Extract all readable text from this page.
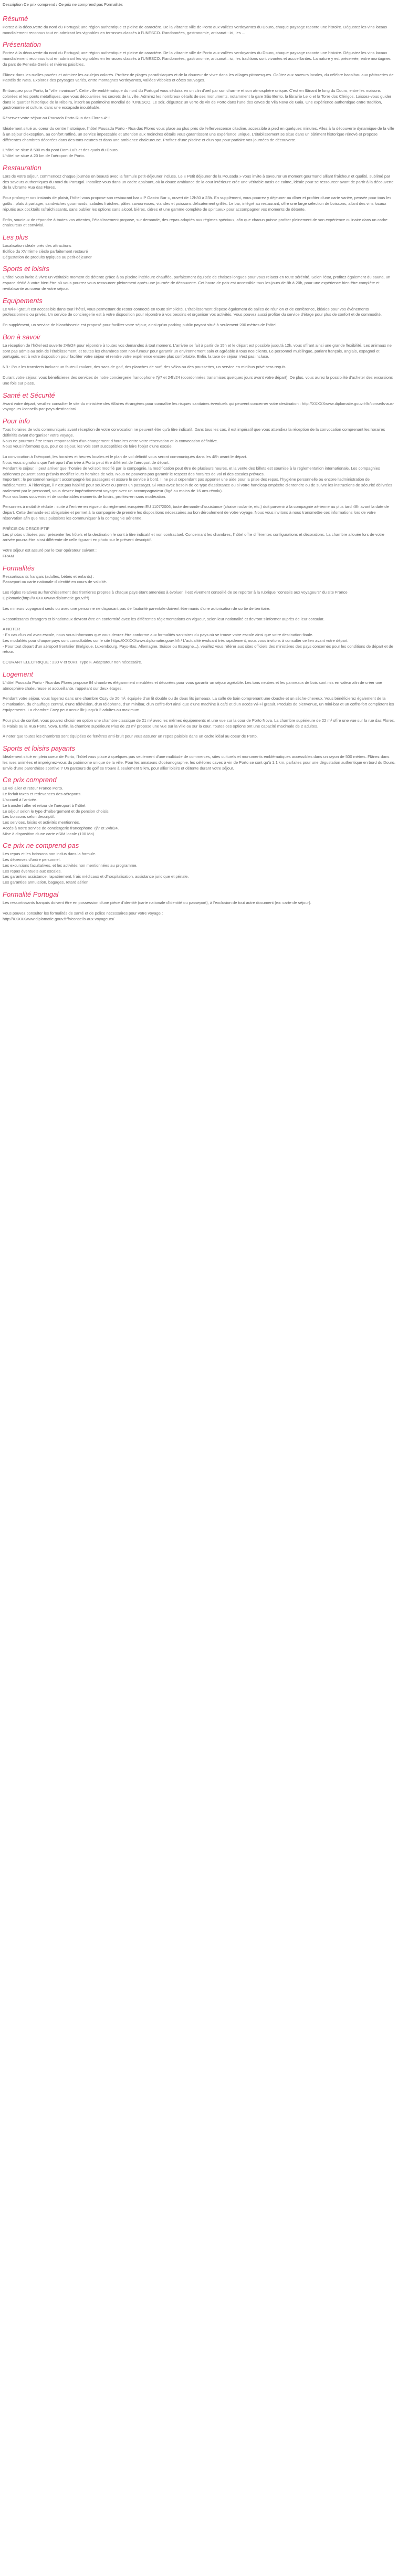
Description Ce prix comprend / Ce prix ne comprend pas Formalités
Résumé

Portez à la découverte du nord du Portugal; une région authentique et pleine de caractère. De la vibrante ville de Porto aux vallées verdoyantes du Douro, chaque paysage raconte une histoire. Dégustez les vins locaux mondialement reconnus tout en admirant les vignobles en terrasses classés à l'UNESCO. Randonnées, gastronomie, artisanat : ici, les ...

Présentation

Portez à la découverte du nord du Portugal; une région authentique et pleine de caractère. De la vibrante ville de Porto aux vallées verdoyantes du Douro, chaque paysage raconte une histoire. Dégustez les vins locaux mondialement reconnus tout en admirant les vignobles en terrasses classés à l'UNESCO. Randonnées, gastronomie, artisanat : ici, les traditions sont vivantes et accueillantes. La nature y est préservée, entre montagnes du parc de Peneda-Gerês et rivières paisibles.

Flânez dans les ruelles pavées et admirez les azulejos colorés. Profitez de plages paradisiaques et de la douceur de vivre dans les villages pittoresques. Goûtez aux saveurs locales, du célèbre bacalhau aux pâtisseries de Pastéis de Nata. Explorez des paysages variés, entre montagnes verdoyantes, vallées viticoles et côtes sauvages.

Embarquez pour Porto, la "ville invaincue". Cette ville emblématique du nord du Portugal vous séduira en un clin d'oeil par son charme et son atmosphère unique. C'est en flânant le long du Douro, entre les maisons colorées et les ponts métalliques, que vous découvrirez les secrets de la ville. Admirez les nombreux détails de ses monuments, notamment la gare São Bento, la librairie Lello et la Torre dos Clérigos. Laissez-vous guider dans le quartier historique de la Ribeira, inscrit au patrimoine mondial de l'UNESCO. Le soir, dégustez un verre de vin de Porto dans l'une des caves de Vila Nova de Gaia. Une expérience authentique entre tradition, gastronomie et culture, dans une escapade inoubliable.

Réservez votre séjour au Pousada Porto Rua das Flores 4* !

Idéalement situé au coeur du centre historique, l'hôtel Pousada Porto - Rua das Flores vous place au plus près de l'effervescence citadine, accessible à pied en quelques minutes. Allez à la découverte dynamique de la ville à un séjour d'exception, au confort raffiné, un service impeccable et attention aux moindres détails vous garantissent une expérience unique. L'établissement se situe dans un bâtiment historique rénové et propose différentes chambres décorées dans des tons neutres et dans une ambiance chaleureuse. Profitez d'une piscine et d'un spa pour parfaire vos journées de découverte.

L'hôtel se situe à 500 m du pont Dom-Luís et des quais du Douro.
L'hôtel se situe à 20 km de l'aéroport de Porto.

Restauration

Lors de votre séjour, commencez chaque journée en beauté avec la formule petit-déjeuner incluse. Le « Petit déjeuner de la Pousada » vous invite à savourer un moment gourmand alliant fraîcheur et qualité, sublimé par des saveurs authentiques du nord du Portugal. Installez-vous dans un cadre apaisant, où la douce ambiance de la cour intérieure crée une véritable oasis de calme, idéale pour se ressourcer avant de partir à la découverte de la vibrante Rua das Flores.

Pour prolonger vos instants de plaisir, l'hôtel vous propose son restaurant bar « P Gastro Bar », ouvert de 12h30 à 23h. En supplément, vous pourrez y déjeuner ou dîner et profiter d'une carte variée, pensée pour tous les goûts : plats à partager, sandwiches gourmands, salades fraîches, pâtes savoureuses, viandes et poissons délicatement grillés. Le bar, intégré au restaurant, offre une large sélection de boissons, allant des vins locaux réputés aux cocktails rafraîchissants, sans oublier les options sans alcool, bières, cidres et une gamme complète de spiritueux pour accompagner vos moments de détente.

Enfin, soucieux de répondre à toutes vos attentes, l'établissement propose, sur demande, des repas adaptés aux régimes spéciaux, afin que chacun puisse profiter pleinement de son expérience culinaire dans un cadre chaleureux et convivial.

Les plus
Localisation idéale près des attractions
Édifice du XVIIIème siècle parfaitement restauré
Dégustation de produits typiques au petit-déjeuner
Sports et loisirs

L'hôtel vous invite à vivre un véritable moment de détente grâce à sa piscine intérieure chauffée, parfaitement équipée de chaises longues pour vous relaxer en toute sérénité. Selon l'état, profitez également du sauna, un espace dédié à votre bien-être où vous pourrez vous ressourcer pleinement après une journée de découverte. Cet havre de paix est accessible tous les jours de 8h à 20h, pour une expérience bien-être complète et revitalisante au coeur de votre séjour.

Equipements

Le Wi-Fi gratuit est accessible dans tout l'hôtel, vous permettant de rester connecté en toute simplicité. L'établissement dispose également de salles de réunion et de conférence, idéales pour vos événements professionnels ou privés. Un service de conciergerie est à votre disposition pour répondre à vos besoins et organiser vos activités. Vous pouvez aussi profiter du service d'étage pour plus de confort et de commodité.

En supplément, un service de blanchisserie est proposé pour faciliter votre séjour, ainsi qu'un parking public payant situé à seulement 200 mètres de l'hôtel.

Bon à savoir

La réception de l'hôtel est ouverte 24h/24 pour répondre à toutes vos demandes à tout moment. L'arrivée se fait à partir de 15h et le départ est possible jusqu'à 12h, vous offrant ainsi une grande flexibilité. Les animaux ne sont pas admis au sein de l'établissement, et toutes les chambres sont non-fumeur pour garantir un environnement sain et agréable à tous nos clients. Le personnel multilingue, parlant français, anglais, espagnol et portugais, est à votre disposition pour faciliter votre séjour et rendre votre expérience encore plus confortable. Enfin, la taxe de séjour n'est pas incluse.

NB : Pour les transferts incluant un fauteuil roulant, des sacs de golf, des planches de surf, des vélos ou des poussettes, un service en minibus privé sera requis.

Durant votre séjour, vous bénéficierez des services de notre conciergerie francophone 7j/7 et 24h/24 (coordonnées transmises quelques jours avant votre départ). De plus, vous aurez la possibilité d'acheter des excursions une fois sur place.

Santé et Sécurité

Avant votre départ, veuillez consulter le site du ministère des Affaires étrangères pour connaître les risques sanitaires éventuels qui peuvent concerner votre destination : http://XXXXXwww.diplomatie.gouv.fr/fr/conseils-aux-voyageurs /conseils-par-pays-destination/

Pour info

Tous horaires de vols communiqués avant réception de votre convocation ne peuvent être qu'à titre indicatif. Dans tous les cas, il est impératif que vous attendiez la réception de la convocation comprenant les horaires définitifs avant d'organiser votre voyage.
Nous ne pourrons être tenus responsables d'un changement d'horaires entre votre réservation et la convocation définitive.
Nous vous informons que, pour ce séjour, les vols sont susceptibles de faire l'objet d'une escale.

La convocation à l'aéroport, les horaires et heures locales et le plan de vol définitif vous seront communiqués dans les 48h avant le départ.
Nous vous signalons que l'aéroport d'arrivée à Porto peut être différent de l'aéroport de départ.
Pendant le séjour, il peut arriver que l'horaire de vol soit modifié par la compagnie, la modification peut être de plusieurs heures, et la vente des billets est soumise à la réglementation internationale. Les compagnies aériennes peuvent sans préavis modifier leurs horaires de vols. Nous ne pouvons pas garantir le respect des horaires de vol ni des escales prévues.
Important : le personnel navigant accompagné les passagers et assure le service à bord. Il ne peut cependant pas apporter une aide pour la prise des repas, l'hygiène personnelle ou encore l'administration de médicaments. À l'identique, il n'est pas habilité pour soulever ou porter un passager. Si vous avez besoin de ce type d'assistance ou si votre handicap empêche d'entendre ou de suivre les instructions de sécurité délivrées oralement par le personnel, vous devrez impérativement voyager avec un accompagnateur (âgé au moins de 16 ans révolu).
Pour vos bons souvenirs et de confortables moments de loisirs, profitez-en sans modération.

Personnes à mobilité réduite : suite à l'entrée en vigueur du règlement européen EU 1107/2006, toute demande d'assistance (chaise roulante, etc.) doit parvenir à la compagnie aérienne au plus tard 48h avant la date de départ. Cette demande est obligatoire et permet à la compagnie de prendre les dispositions nécessaires au bon déroulement de votre voyage. Nous vous invitons à nous transmettre ces informations lors de votre réservation afin que nous puissions les communiquer à la compagnie aérienne.

PRÉCISION DESCRIPTIF
Les photos utilisées pour présenter les hôtels et la destination le sont à titre indicatif et non contractuel. Concernant les chambres, l'hôtel offre différentes configurations et décorations. La chambre allouée lors de votre arrivée pourra être ainsi différente de celle figurant en photo sur le présent descriptif.

Votre séjour est assuré par le tour opérateur suivant :
FRAM

Formalités

Ressortissants français (adultes, bébés et enfants) :
Passeport ou carte nationale d'identité en cours de validité.

Les règles relatives au franchissement des frontières propres à chaque pays étant amenées à évoluer, il est vivement conseillé de se reporter à la rubrique "conseils aux voyageurs" du site France Diplomatie(http://XXXXXwww.diplomatie.gouv.fr/)

Les mineurs voyageant seuls ou avec une personne ne disposant pas de l'autorité parentale doivent être munis d'une autorisation de sortie de territoire.

Ressortissants étrangers et binationaux devront être en conformité avec les différentes réglementations en vigueur, selon leur nationalité et devront s'informer auprès de leur consulat.

A NOTER
- En cas d'un vol avec escale, nous vous informons que vous devrez être conforme aux formalités sanitaires du pays où se trouve votre escale ainsi que votre destination finale.
Les modalités pour chaque pays sont consultables sur le site https://XXXXXwww.diplomatie.gouv.fr/fr/ L'actualité évoluant très rapidement, nous vous invitons à consulter ce lien avant votre départ.
- Pour tout départ d'un aéroport frontalier (Belgique, Luxembourg, Pays-Bas, Allemagne, Suisse ou Espagne...), veuillez vous référer aux sites officiels des ministères des pays concernés pour les conditions de départ et de retour.

COURANT ELECTRIQUE : 230 V et 50Hz. Type F. Adaptateur non nécessaire.

Logement

L'hôtel Pousada Porto - Rua das Flores propose 84 chambres élégamment meublées et décorées pour vous garantir un séjour agréable. Les tons neutres et les panneaux de bois sont mis en valeur afin de créer une atmosphère chaleureuse et accueillante, rappelant sur deux étages.

Pendant votre séjour, vous logerez dans une chambre Cozy de 20 m², équipée d'un lit double ou de deux lits jumeaux. La salle de bain comprenant une douche et un sèche-cheveux. Vous bénéficierez également de la climatisation, du chauffage central, d'une télévision, d'un téléphone, d'un minibar, d'un coffre-fort ainsi que d'une machine à café et d'un accès Wi-Fi gratuit. Produits de bienvenue, un mini-bar et un coffre-fort complètent les équipements. La chambre Cozy peut accueillir jusqu'à 2 adultes au maximum.

Pour plus de confort, vous pouvez choisir en option une chambre classique de 21 m² avec les mêmes équipements et une vue sur la cour de Porto Nova. La chambre supérieure de 22 m² offre une vue sur la rue das Flores, le Palais ou la Rua Porta Nova. Enfin, la chambre supérieure Plus de 23 m² propose une vue sur la ville ou sur la cour. Toutes ces options ont une capacité maximale de 2 adultes.

À noter que toutes les chambres sont équipées de fenêtres anti-bruit pour vous assurer un repos paisible dans un cadre idéal au coeur de Porto.

Sports et loisirs payants

Idéalement situé en plein coeur de Porto, l'hôtel vous place à quelques pas seulement d'une multitude de commerces, sites culturels et monuments emblématiques accessibles dans un rayon de 500 mètres. Flânez dans les rues animées et imprégnez-vous du patrimoine unique de la ville. Pour les amateurs d'océanographie, les célèbres caves à vin de Porto se sont qu'à 1,1 km, parfaites pour une dégustation authentique en bord du Douro. Envie d'une parenthèse sportive ? Un parcours de golf se trouve à seulement 9 km, pour allier loisirs et détente durant votre séjour.

Ce prix comprend
Le vol aller et retour France Porto.
Le forfait taxes et redevances des aéroports.
L'accueil à l'arrivée.
Le transfert aller et retour de l'aéroport à l'hôtel.
Le séjour selon le type d'hébergement et de pension choisis.
Les boissons selon descriptif.
Les services, loisirs et activités mentionnés.
Accès à notre service de conciergerie francophone 7j/7 et 24h/24.
Mise à disposition d'une carte eSIM locale (100 Mo).
Ce prix ne comprend pas
Les repas et les boissons non inclus dans la formule.
Les dépenses d'ordre personnel.
Les excursions facultatives, et les activités non mentionnées au programme.
Les repas éventuels aux escales.
Les garanties assistance, rapatriement, frais médicaux et d'hospitalisation, assistance juridique et pénale.
Les garanties annulation, bagages, retard aérien.
Formalité Portugal

Les ressortissants français doivent être en possession d'une pièce d'identité (carte nationale d'identité ou passeport), à l'exclusion de tout autre document (ex: carte de séjour).

Vous pouvez consulter les formalités de santé et de police nécessaires pour votre voyage :
http://XXXXXwww.diplomatie.gouv.fr/fr/conseils-aux-voyageurs/
